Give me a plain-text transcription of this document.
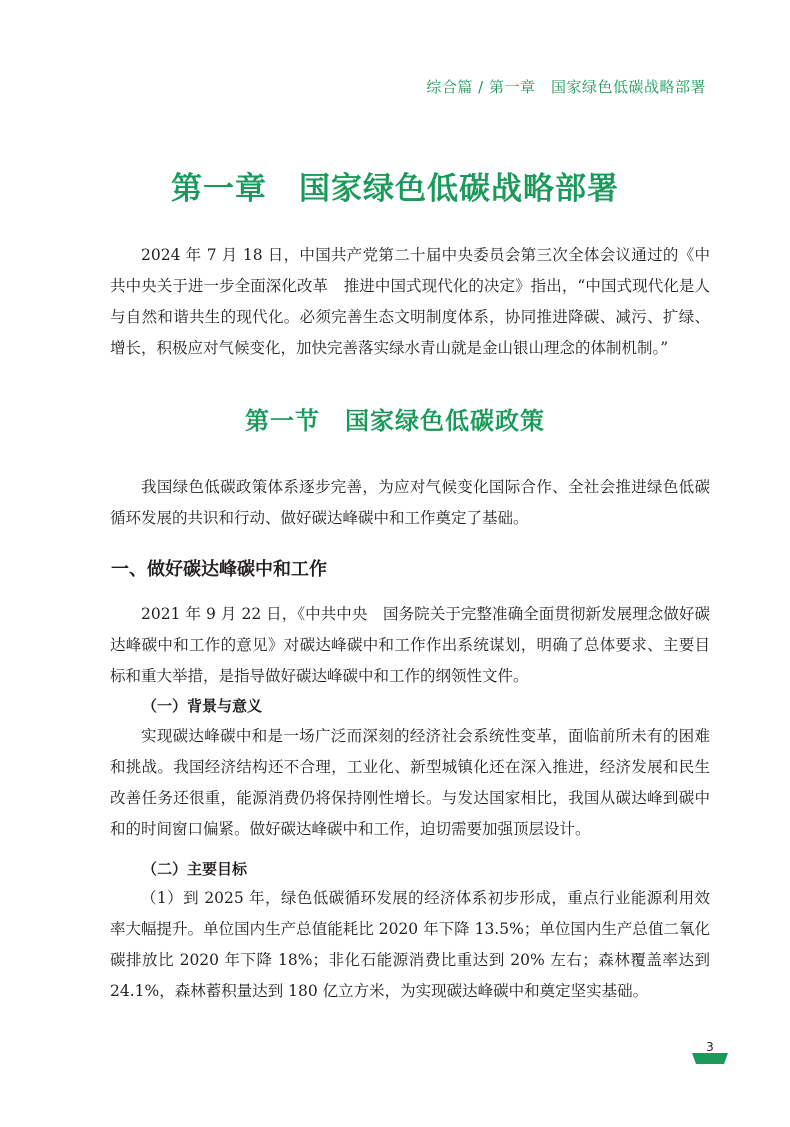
综合篇 / 第一章　国家绿色低碳战略部署
第一章　国家绿色低碳战略部署

2024 年 7 月 18 日，中国共产党第二十届中央委员会第三次全体会议通过的《中共中央关于进一步全面深化改革　推进中国式现代化的决定》指出，“中国式现代化是人与自然和谐共生的现代化。必须完善生态文明制度体系，协同推进降碳、减污、扩绿、增长，积极应对气候变化，加快完善落实绿水青山就是金山银山理念的体制机制。”

第一节　国家绿色低碳政策

我国绿色低碳政策体系逐步完善，为应对气候变化国际合作、全社会推进绿色低碳循环发展的共识和行动、做好碳达峰碳中和工作奠定了基础。

一、做好碳达峰碳中和工作

2021 年 9 月 22 日，《中共中央　国务院关于完整准确全面贯彻新发展理念做好碳达峰碳中和工作的意见》对碳达峰碳中和工作作出系统谋划，明确了总体要求、主要目标和重大举措，是指导做好碳达峰碳中和工作的纲领性文件。

（一）背景与意义

实现碳达峰碳中和是一场广泛而深刻的经济社会系统性变革，面临前所未有的困难和挑战。我国经济结构还不合理，工业化、新型城镇化还在深入推进，经济发展和民生改善任务还很重，能源消费仍将保持刚性增长。与发达国家相比，我国从碳达峰到碳中和的时间窗口偏紧。做好碳达峰碳中和工作，迫切需要加强顶层设计。

（二）主要目标

（1）到 2025 年，绿色低碳循环发展的经济体系初步形成，重点行业能源利用效率大幅提升。单位国内生产总值能耗比 2020 年下降 13.5%；单位国内生产总值二氧化碳排放比 2020 年下降 18%；非化石能源消费比重达到 20% 左右；森林覆盖率达到 24.1%，森林蓄积量达到 180 亿立方米，为实现碳达峰碳中和奠定坚实基础。

3
